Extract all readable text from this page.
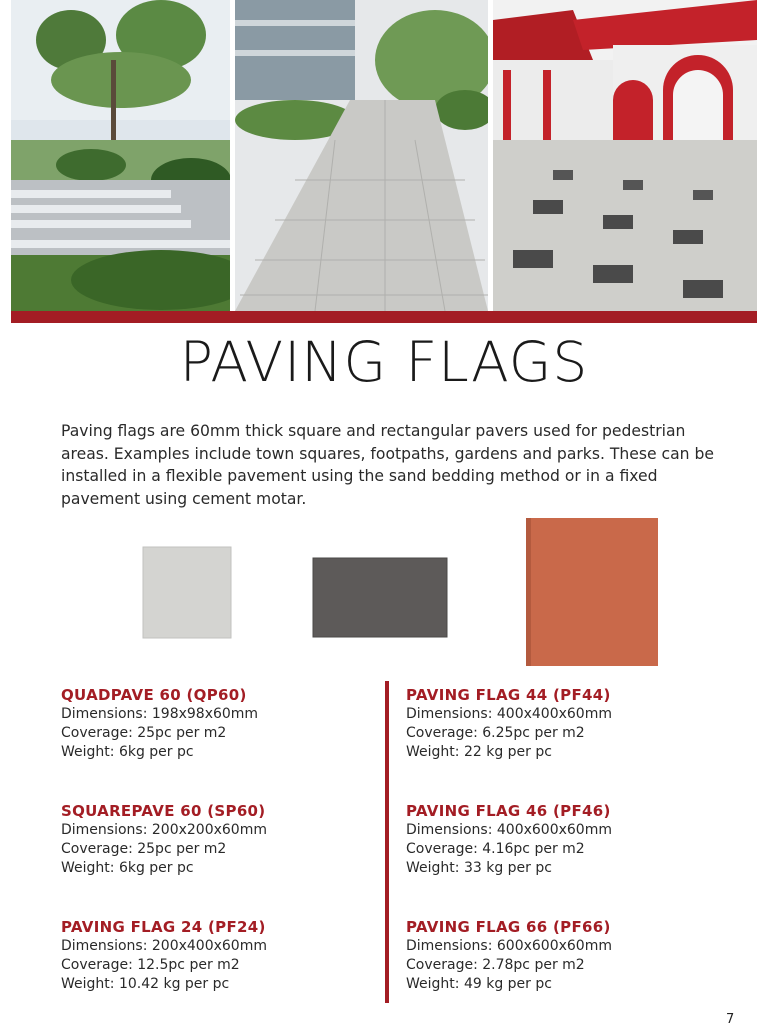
PAVING FLAGS
Paving flags are 60mm thick square and rectangular pavers used for pedestrian areas. Examples include town squares, footpaths, gardens and parks. These can be installed in a flexible pavement using the sand bedding method or in a fixed pavement using cement motar.
QUADPAVE 60 (QP60)
Dimensions: 198x98x60mm
Coverage: 25pc per m2
Weight: 6kg per pc
SQUAREPAVE 60 (SP60)
Dimensions: 200x200x60mm
Coverage: 25pc per m2
Weight: 6kg per pc
PAVING FLAG 24 (PF24)
Dimensions: 200x400x60mm
Coverage: 12.5pc per m2
Weight: 10.42 kg per pc
PAVING FLAG 44 (PF44)
Dimensions: 400x400x60mm
Coverage: 6.25pc per m2
Weight: 22 kg per pc
PAVING FLAG 46 (PF46)
Dimensions: 400x600x60mm
Coverage: 4.16pc per m2
Weight: 33 kg per pc
PAVING FLAG 66 (PF66)
Dimensions: 600x600x60mm
Coverage: 2.78pc per m2
Weight: 49 kg per pc
7
